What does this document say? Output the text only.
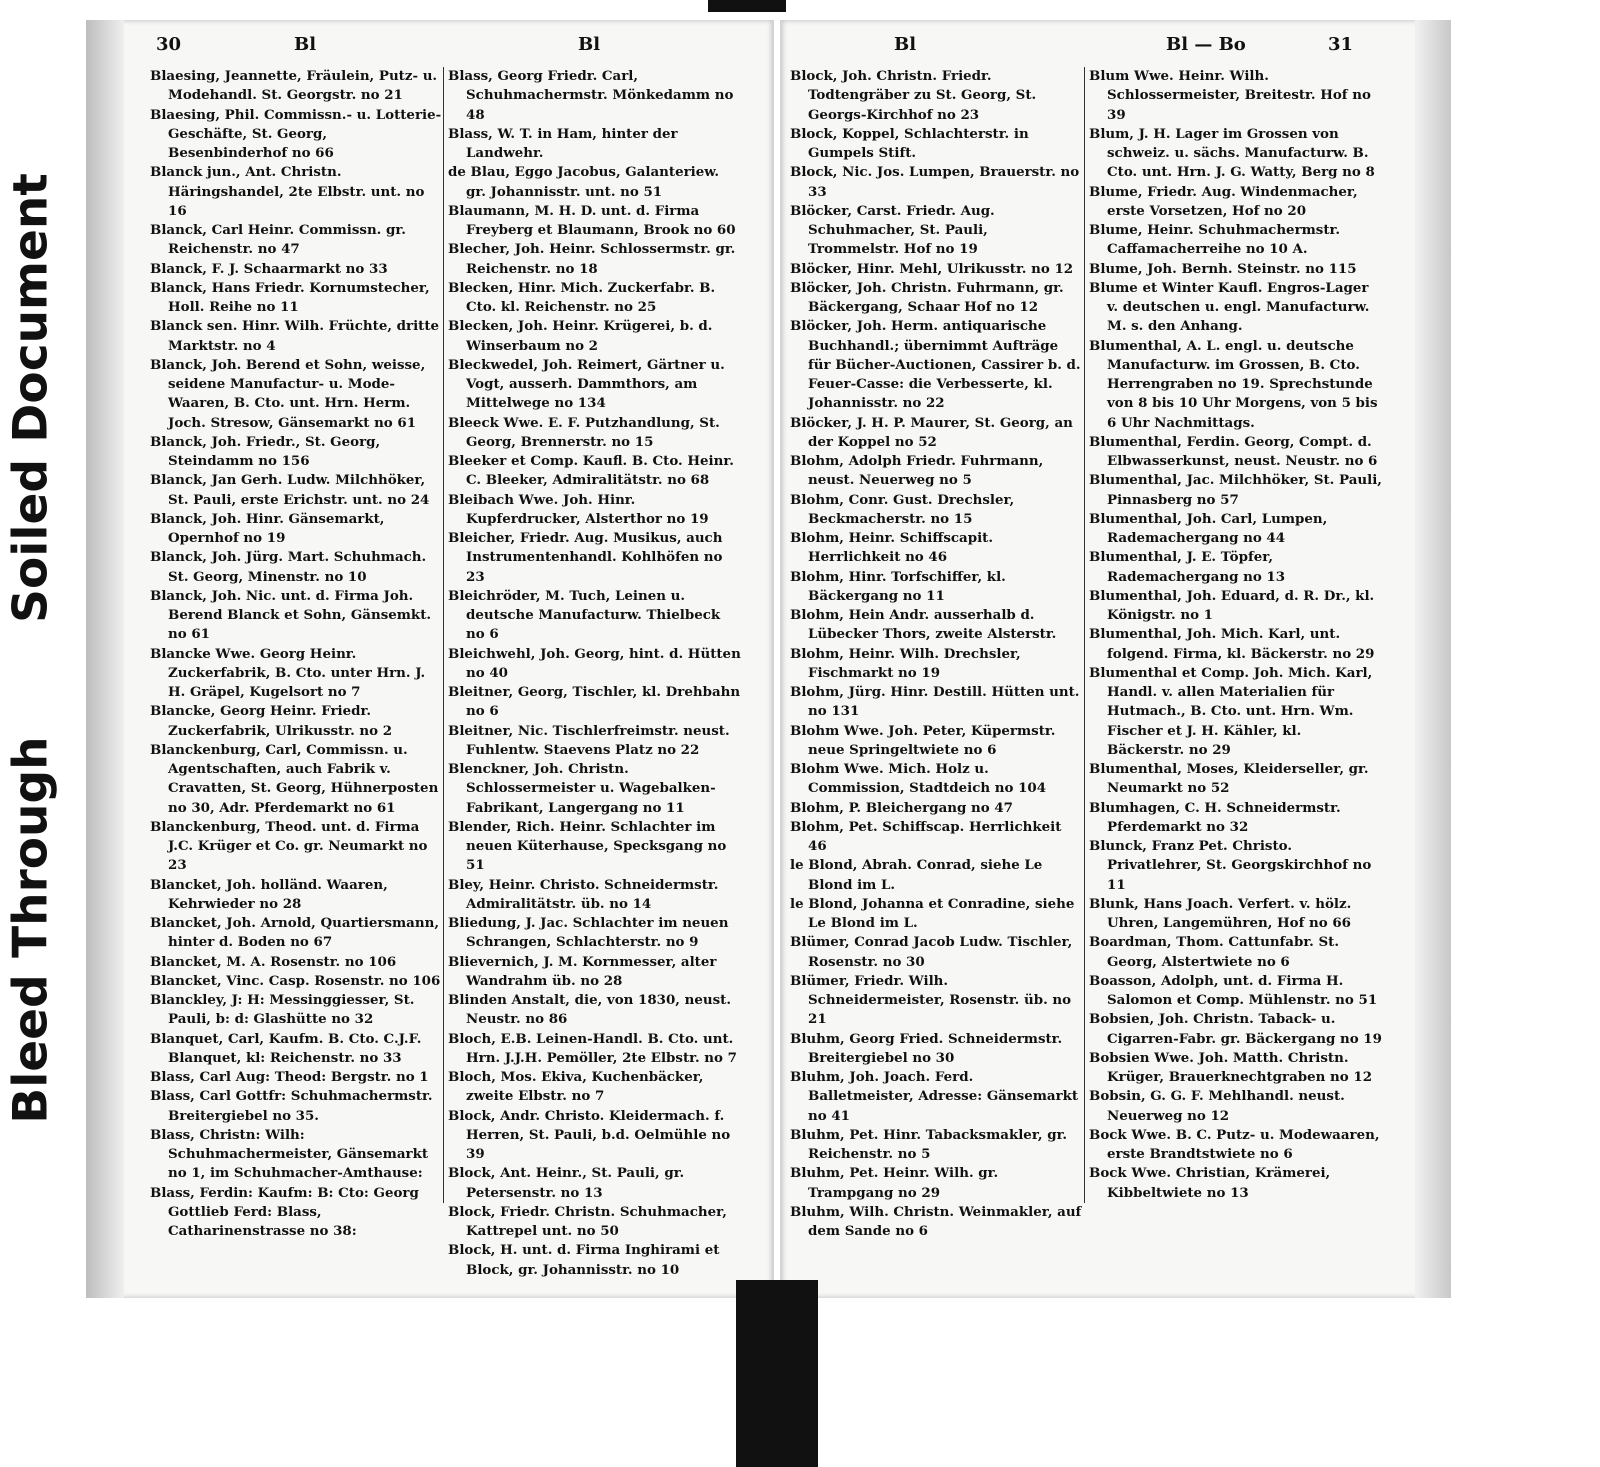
Soiled Document
Bleed Through
30	Bl	Bl
Blaesing, Jeannette, Fräulein, Putz- u. Modehandl. St. Georgstr. no 21
Blaesing, Phil. Commissn.- u. Lotterie-Geschäfte, St. Georg, Besenbinderhof no 66
Blanck jun., Ant. Christn. Häringshandel, 2te Elbstr. unt. no 16
Blanck, Carl Heinr. Commissn. gr. Reichenstr. no 47
Blanck, F. J. Schaarmarkt no 33
Blanck, Hans Friedr. Kornumstecher, Holl. Reihe no 11
Blanck sen. Hinr. Wilh. Früchte, dritte Marktstr. no 4
Blanck, Joh. Berend et Sohn, weisse, seidene Manufactur- u. Mode-Waaren, B. Cto. unt. Hrn. Herm. Joch. Stresow, Gänsemarkt no 61
Blanck, Joh. Friedr., St. Georg, Steindamm no 156
Blanck, Jan Gerh. Ludw. Milchhöker, St. Pauli, erste Erichstr. unt. no 24
Blanck, Joh. Hinr. Gänsemarkt, Opernhof no 19
Blanck, Joh. Jürg. Mart. Schuhmach. St. Georg, Minenstr. no 10
Blanck, Joh. Nic. unt. d. Firma Joh. Berend Blanck et Sohn, Gänsemkt. no 61
Blancke Wwe. Georg Heinr. Zuckerfabrik, B. Cto. unter Hrn. J. H. Gräpel, Kugelsort no 7
Blancke, Georg Heinr. Friedr. Zuckerfabrik, Ulrikusstr. no 2
Blanckenburg, Carl, Commissn. u. Agentschaften, auch Fabrik v. Cravatten, St. Georg, Hühnerposten no 30, Adr. Pferdemarkt no 61
Blanckenburg, Theod. unt. d. Firma J.C. Krüger et Co. gr. Neumarkt no 23
Blancket, Joh. holländ. Waaren, Kehrwieder no 28
Blancket, Joh. Arnold, Quartiersmann, hinter d. Boden no 67
Blancket, M. A. Rosenstr. no 106
Blancket, Vinc. Casp. Rosenstr. no 106
Blanckley, J: H: Messinggiesser, St. Pauli, b: d: Glashütte no 32
Blanquet, Carl, Kaufm. B. Cto. C.J.F. Blanquet, kl: Reichenstr. no 33
Blass, Carl Aug: Theod: Bergstr. no 1
Blass, Carl Gottfr: Schuhmachermstr. Breitergiebel no 35.
Blass, Christn: Wilh: Schuhmachermeister, Gänsemarkt no 1, im Schuhmacher-Amthause:
Blass, Ferdin: Kaufm: B: Cto: Georg Gottlieb Ferd: Blass, Catharinenstrasse no 38:
Blass, Georg Friedr. Carl, Schuhmachermstr. Mönkedamm no 48
Blass, W. T. in Ham, hinter der Landwehr.
de Blau, Eggo Jacobus, Galanteriew. gr. Johannisstr. unt. no 51
Blaumann, M. H. D. unt. d. Firma Freyberg et Blaumann, Brook no 60
Blecher, Joh. Heinr. Schlossermstr. gr. Reichenstr. no 18
Blecken, Hinr. Mich. Zuckerfabr. B. Cto. kl. Reichenstr. no 25
Blecken, Joh. Heinr. Krügerei, b. d. Winserbaum no 2
Bleckwedel, Joh. Reimert, Gärtner u. Vogt, ausserh. Dammthors, am Mittelwege no 134
Bleeck Wwe. E. F. Putzhandlung, St. Georg, Brennerstr. no 15
Bleeker et Comp. Kaufl. B. Cto. Heinr. C. Bleeker, Admiralitätstr. no 68
Bleibach Wwe. Joh. Hinr. Kupferdrucker, Alsterthor no 19
Bleicher, Friedr. Aug. Musikus, auch Instrumentenhandl. Kohlhöfen no 23
Bleichröder, M. Tuch, Leinen u. deutsche Manufacturw. Thielbeck no 6
Bleichwehl, Joh. Georg, hint. d. Hütten no 40
Bleitner, Georg, Tischler, kl. Drehbahn no 6
Bleitner, Nic. Tischlerfreimstr. neust. Fuhlentw. Staevens Platz no 22
Blenckner, Joh. Christn. Schlossermeister u. Wagebalken-Fabrikant, Langergang no 11
Blender, Rich. Heinr. Schlachter im neuen Küterhause, Specksgang no 51
Bley, Heinr. Christo. Schneidermstr. Admiralitätstr. üb. no 14
Bliedung, J. Jac. Schlachter im neuen Schrangen, Schlachterstr. no 9
Blievernich, J. M. Kornmesser, alter Wandrahm üb. no 28
Blinden Anstalt, die, von 1830, neust. Neustr. no 86
Bloch, E.B. Leinen-Handl. B. Cto. unt. Hrn. J.J.H. Pemöller, 2te Elbstr. no 7
Bloch, Mos. Ekiva, Kuchenbäcker, zweite Elbstr. no 7
Block, Andr. Christo. Kleidermach. f. Herren, St. Pauli, b.d. Oelmühle no 39
Block, Ant. Heinr., St. Pauli, gr. Petersenstr. no 13
Block, Friedr. Christn. Schuhmacher, Kattrepel unt. no 50
Block, H. unt. d. Firma Inghirami et Block, gr. Johannisstr. no 10
Bl	Bl — Bo	31
Block, Joh. Christn. Friedr. Todtengräber zu St. Georg, St. Georgs-Kirchhof no 23
Block, Koppel, Schlachterstr. in Gumpels Stift.
Block, Nic. Jos. Lumpen, Brauerstr. no 33
Blöcker, Carst. Friedr. Aug. Schuhmacher, St. Pauli, Trommelstr. Hof no 19
Blöcker, Hinr. Mehl, Ulrikusstr. no 12
Blöcker, Joh. Christn. Fuhrmann, gr. Bäckergang, Schaar Hof no 12
Blöcker, Joh. Herm. antiquarische Buchhandl.; übernimmt Aufträge für Bücher-Auctionen, Cassirer b. d. Feuer-Casse: die Verbesserte, kl. Johannisstr. no 22
Blöcker, J. H. P. Maurer, St. Georg, an der Koppel no 52
Blohm, Adolph Friedr. Fuhrmann, neust. Neuerweg no 5
Blohm, Conr. Gust. Drechsler, Beckmacherstr. no 15
Blohm, Heinr. Schiffscapit. Herrlichkeit no 46
Blohm, Hinr. Torfschiffer, kl. Bäckergang no 11
Blohm, Hein Andr. ausserhalb d. Lübecker Thors, zweite Alsterstr.
Blohm, Heinr. Wilh. Drechsler, Fischmarkt no 19
Blohm, Jürg. Hinr. Destill. Hütten unt. no 131
Blohm Wwe. Joh. Peter, Küpermstr. neue Springeltwiete no 6
Blohm Wwe. Mich. Holz u. Commission, Stadtdeich no 104
Blohm, P. Bleichergang no 47
Blohm, Pet. Schiffscap. Herrlichkeit 46
le Blond, Abrah. Conrad, siehe Le Blond im L.
le Blond, Johanna et Conradine, siehe Le Blond im L.
Blümer, Conrad Jacob Ludw. Tischler, Rosenstr. no 30
Blümer, Friedr. Wilh. Schneidermeister, Rosenstr. üb. no 21
Bluhm, Georg Fried. Schneidermstr. Breitergiebel no 30
Bluhm, Joh. Joach. Ferd. Balletmeister, Adresse: Gänsemarkt no 41
Bluhm, Pet. Hinr. Tabacksmakler, gr. Reichenstr. no 5
Bluhm, Pet. Heinr. Wilh. gr. Trampgang no 29
Bluhm, Wilh. Christn. Weinmakler, auf dem Sande no 6
Blum Wwe. Heinr. Wilh. Schlossermeister, Breitestr. Hof no 39
Blum, J. H. Lager im Grossen von schweiz. u. sächs. Manufacturw. B. Cto. unt. Hrn. J. G. Watty, Berg no 8
Blume, Friedr. Aug. Windenmacher, erste Vorsetzen, Hof no 20
Blume, Heinr. Schuhmachermstr. Caffamacherreihe no 10 A.
Blume, Joh. Bernh. Steinstr. no 115
Blume et Winter Kaufl. Engros-Lager v. deutschen u. engl. Manufacturw. M. s. den Anhang.
Blumenthal, A. L. engl. u. deutsche Manufacturw. im Grossen, B. Cto. Herrengraben no 19. Sprechstunde von 8 bis 10 Uhr Morgens, von 5 bis 6 Uhr Nachmittags.
Blumenthal, Ferdin. Georg, Compt. d. Elbwasserkunst, neust. Neustr. no 6
Blumenthal, Jac. Milchhöker, St. Pauli, Pinnasberg no 57
Blumenthal, Joh. Carl, Lumpen, Rademachergang no 44
Blumenthal, J. E. Töpfer, Rademachergang no 13
Blumenthal, Joh. Eduard, d. R. Dr., kl. Königstr. no 1
Blumenthal, Joh. Mich. Karl, unt. folgend. Firma, kl. Bäckerstr. no 29
Blumenthal et Comp. Joh. Mich. Karl, Handl. v. allen Materialien für Hutmach., B. Cto. unt. Hrn. Wm. Fischer et J. H. Kähler, kl. Bäckerstr. no 29
Blumenthal, Moses, Kleiderseller, gr. Neumarkt no 52
Blumhagen, C. H. Schneidermstr. Pferdemarkt no 32
Blunck, Franz Pet. Christo. Privatlehrer, St. Georgskirchhof no 11
Blunk, Hans Joach. Verfert. v. hölz. Uhren, Langemühren, Hof no 66
Boardman, Thom. Cattunfabr. St. Georg, Alstertwiete no 6
Boasson, Adolph, unt. d. Firma H. Salomon et Comp. Mühlenstr. no 51
Bobsien, Joh. Christn. Taback- u. Cigarren-Fabr. gr. Bäckergang no 19
Bobsien Wwe. Joh. Matth. Christn. Krüger, Brauerknechtgraben no 12
Bobsin, G. G. F. Mehlhandl. neust. Neuerweg no 12
Bock Wwe. B. C. Putz- u. Modewaaren, erste Brandtstwiete no 6
Bock Wwe. Christian, Krämerei, Kibbeltwiete no 13
